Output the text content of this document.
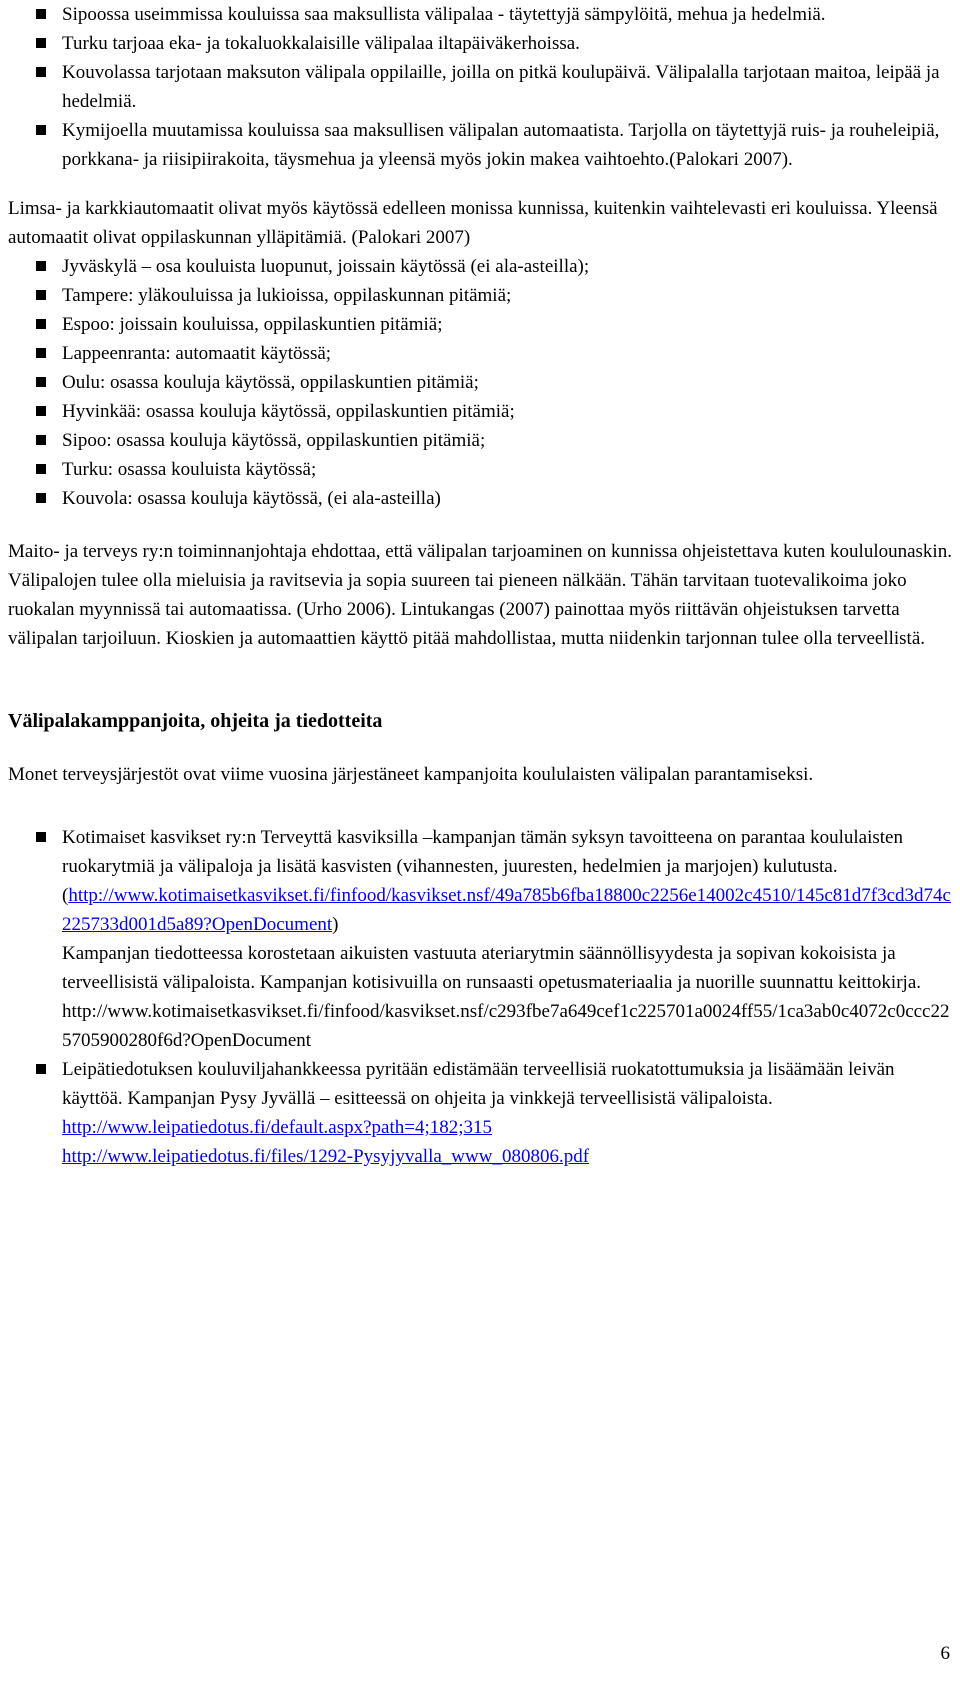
Sipoossa useimmissa kouluissa saa maksullista välipalaa - täytettyjä sämpylöitä, mehua ja hedelmiä.
Turku tarjoaa eka- ja tokaluokkalaisille välipalaa iltapäiväkerhoissa.
Kouvolassa tarjotaan maksuton välipala oppilaille, joilla on pitkä koulupäivä. Välipalalla tarjotaan maitoa, leipää ja hedelmiä.
Kymijoella muutamissa kouluissa saa maksullisen välipalan automaatista. Tarjolla on täytettyjä ruis- ja rouheleipiä, porkkana- ja riisipiirakoita, täysmehua ja yleensä myös jokin makea vaihtoehto.(Palokari 2007).

Limsa- ja karkkiautomaatit olivat myös käytössä edelleen monissa kunnissa, kuitenkin vaihtelevasti eri kouluissa. Yleensä automaatit olivat oppilaskunnan ylläpitämiä. (Palokari 2007)

Jyväskylä – osa kouluista luopunut, joissain käytössä (ei ala-asteilla);
Tampere: yläkouluissa ja lukioissa, oppilaskunnan pitämiä;
Espoo: joissain kouluissa, oppilaskuntien pitämiä;
Lappeenranta: automaatit käytössä;
Oulu: osassa kouluja käytössä, oppilaskuntien pitämiä;
Hyvinkää: osassa kouluja käytössä, oppilaskuntien pitämiä;
Sipoo: osassa kouluja käytössä, oppilaskuntien pitämiä;
Turku: osassa kouluista käytössä;
Kouvola: osassa kouluja käytössä, (ei ala-asteilla)

Maito- ja terveys ry:n toiminnanjohtaja ehdottaa, että välipalan tarjoaminen on kunnissa ohjeistettava kuten koululounaskin. Välipalojen tulee olla mieluisia ja ravitsevia ja sopia suureen tai pieneen nälkään. Tähän tarvitaan tuotevalikoima joko ruokalan myynnissä tai automaatissa. (Urho 2006). Lintukangas (2007) painottaa myös riittävän ohjeistuksen tarvetta välipalan tarjoiluun. Kioskien ja automaattien käyttö pitää mahdollistaa, mutta niidenkin tarjonnan tulee olla terveellistä.

Välipalakamppanjoita, ohjeita ja tiedotteita

Monet terveysjärjestöt ovat viime vuosina järjestäneet kampanjoita koululaisten välipalan parantamiseksi.

Kotimaiset kasvikset ry:n Terveyttä kasviksilla –kampanjan tämän syksyn tavoitteena on parantaa koululaisten ruokarytmiä ja välipaloja ja lisätä kasvisten (vihannesten, juuresten, hedelmien ja marjojen) kulutusta.
(http://www.kotimaisetkasvikset.fi/finfood/kasvikset.nsf/49a785b6fba18800c2256e14002c4510/145c81d7f3cd3d74c225733d001d5a89?OpenDocument)
Kampanjan tiedotteessa korostetaan aikuisten vastuuta ateriarytmin säännöllisyydesta ja sopivan kokoisista ja terveellisistä välipaloista. Kampanjan kotisivuilla on runsaasti opetusmateriaalia ja nuorille suunnattu keittokirja.
http://www.kotimaisetkasvikset.fi/finfood/kasvikset.nsf/c293fbe7a649cef1c225701a0024ff55/1ca3ab0c4072c0ccc225705900280f6d?OpenDocument
Leipätiedotuksen kouluviljahankkeessa pyritään edistämään terveellisiä ruokatottumuksia ja lisäämään leivän käyttöä. Kampanjan Pysy Jyvällä – esitteessä on ohjeita ja vinkkejä terveellisistä välipaloista.
http://www.leipatiedotus.fi/default.aspx?path=4;182;315
http://www.leipatiedotus.fi/files/1292-Pysyjyvalla_www_080806.pdf
6
